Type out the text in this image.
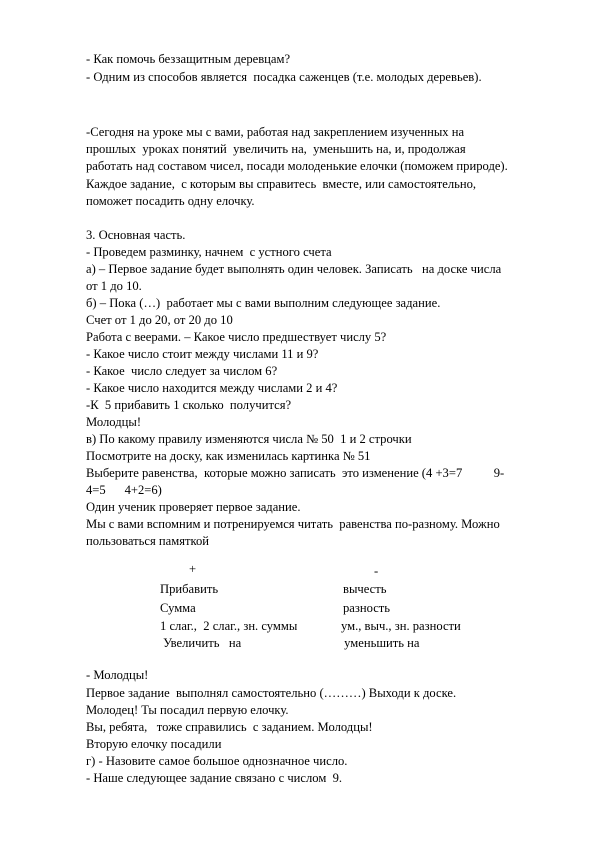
- Как помочь беззащитным деревцам?
- Одним из способов является  посадка саженцев (т.е. молодых деревьев).
-Сегодня на уроке мы с вами, работая над закреплением изученных на
прошлых  уроках понятий  увеличить на,  уменьшить на, и, продолжая
работать над составом чисел, посади молоденькие елочки (поможем природе).
Каждое задание,  с которым вы справитесь  вместе, или самостоятельно,
поможет посадить одну елочку.
3. Основная часть.
- Проведем разминку, начнем  с устного счета
а) – Первое задание будет выполнять один человек. Записать   на доске числа
от 1 до 10.
б) – Пока (…)  работает мы с вами выполним следующее задание.
Счет от 1 до 20, от 20 до 10
Работа с веерами. – Какое число предшествует числу 5?
- Какое число стоит между числами 11 и 9?
- Какое  число следует за числом 6?
- Какое число находится между числами 2 и 4?
-К  5 прибавить 1 сколько  получится?
Молодцы!
в) По какому правилу изменяются числа № 50  1 и 2 строчки
Посмотрите на доску, как изменилась картинка № 51
Выберите равенства,  которые можно записать  это изменение (4 +3=7          9-
4=5      4+2=6)
Один ученик проверяет первое задание.
Мы с вами вспомним и потренируемся читать  равенства по-разному. Можно
пользоваться памяткой
+
Прибавить
Сумма
1 слаг.,  2 слаг., зн. суммы
Увеличить   на
-
вычесть
разность
ум., выч., зн. разности
уменьшить на
- Молодцы!
Первое задание  выполнял самостоятельно (………) Выходи к доске.
Молодец! Ты посадил первую елочку.
Вы, ребята,   тоже справились  с заданием. Молодцы!
Вторую елочку посадили
г) - Назовите самое большое однозначное число.
- Наше следующее задание связано с числом  9.
